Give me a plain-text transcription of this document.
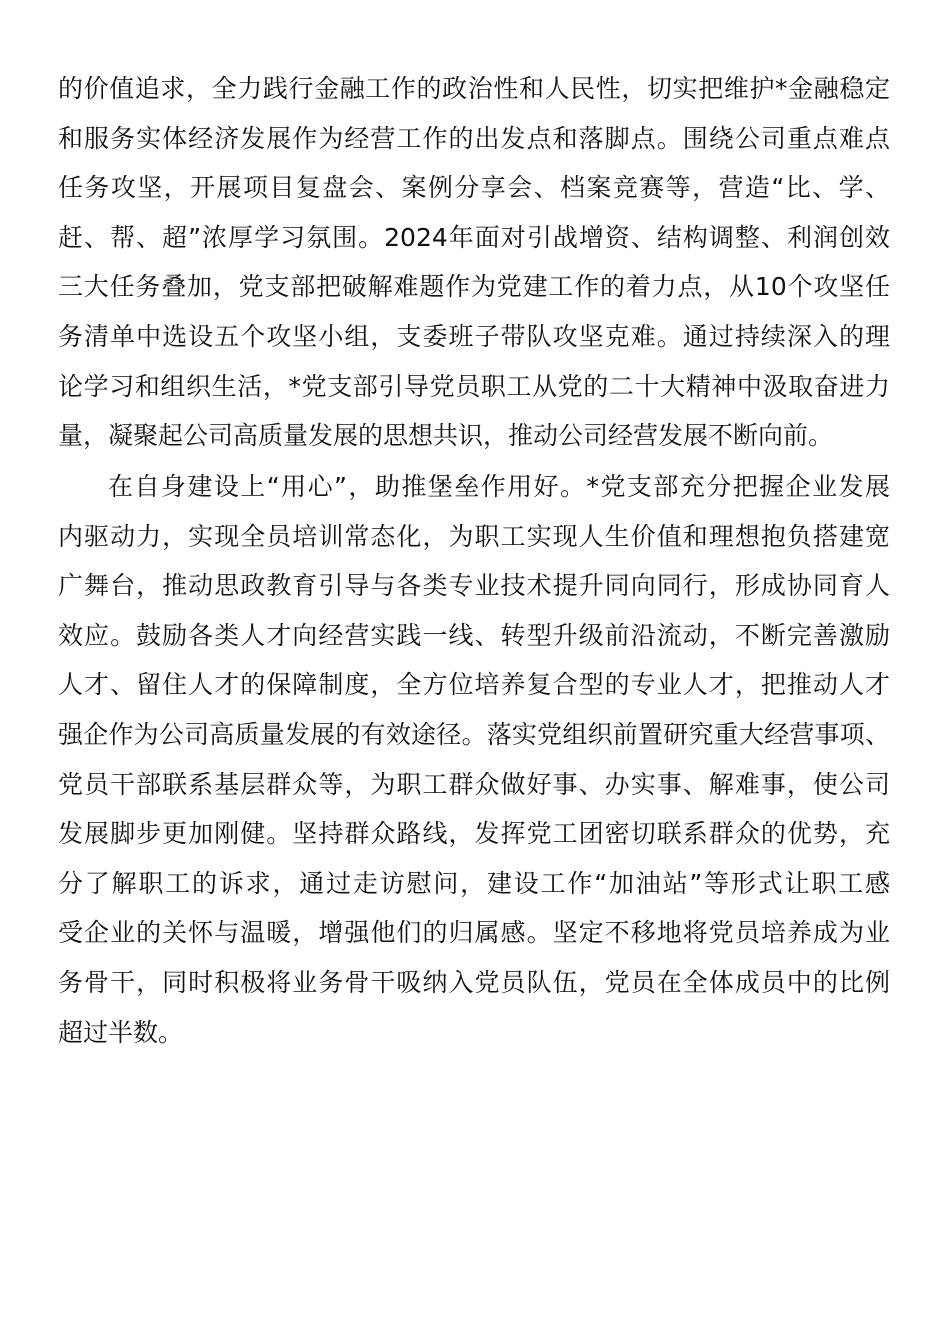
的价值追求，全力践行金融工作的政治性和人民性，切实把维护*金融稳定
和服务实体经济发展作为经营工作的出发点和落脚点。围绕公司重点难点
任务攻坚，开展项目复盘会、案例分享会、档案竞赛等，营造“比、学、
赶、帮、超”浓厚学习氛围。2024年面对引战增资、结构调整、利润创效
三大任务叠加，党支部把破解难题作为党建工作的着力点，从10个攻坚任
务清单中选设五个攻坚小组，支委班子带队攻坚克难。通过持续深入的理
论学习和组织生活，*党支部引导党员职工从党的二十大精神中汲取奋进力
量，凝聚起公司高质量发展的思想共识，推动公司经营发展不断向前。
在自身建设上“用心”，助推堡垒作用好。*党支部充分把握企业发展
内驱动力，实现全员培训常态化，为职工实现人生价值和理想抱负搭建宽
广舞台，推动思政教育引导与各类专业技术提升同向同行，形成协同育人
效应。鼓励各类人才向经营实践一线、转型升级前沿流动，不断完善激励
人才、留住人才的保障制度，全方位培养复合型的专业人才，把推动人才
强企作为公司高质量发展的有效途径。落实党组织前置研究重大经营事项、
党员干部联系基层群众等，为职工群众做好事、办实事、解难事，使公司
发展脚步更加刚健。坚持群众路线，发挥党工团密切联系群众的优势，充
分了解职工的诉求，通过走访慰问，建设工作“加油站”等形式让职工感
受企业的关怀与温暖，增强他们的归属感。坚定不移地将党员培养成为业
务骨干，同时积极将业务骨干吸纳入党员队伍，党员在全体成员中的比例
超过半数。
